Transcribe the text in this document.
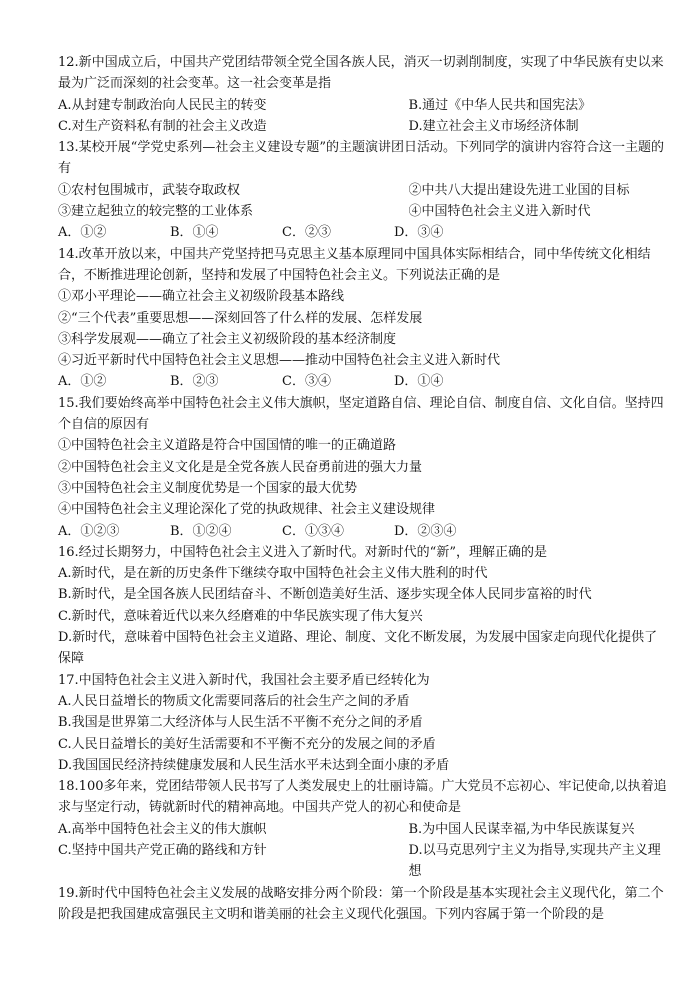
12.新中国成立后，中国共产党团结带领全党全国各族人民，消灭一切剥削制度，实现了中华民族有史以来最为广泛而深刻的社会变革。这一社会变革是指
A.从封建专制政治向人民民主的转变	B.通过《中华人民共和国宪法》
C.对生产资料私有制的社会主义改造	D.建立社会主义市场经济体制
13.某校开展“学党史系列—社会主义建设专题”的主题演讲团日活动。下列同学的演讲内容符合这一主题的有
①农村包围城市，武装夺取政权	②中共八大提出建设先进工业国的目标
③建立起独立的较完整的工业体系	④中国特色社会主义进入新时代
A．①②	B．①④	C．②③	D．③④
14.改革开放以来，中国共产党坚持把马克思主义基本原理同中国具体实际相结合，同中华传统文化相结合，不断推进理论创新，坚持和发展了中国特色社会主义。下列说法正确的是
①邓小平理论——确立社会主义初级阶段基本路线
②“三个代表”重要思想——深刻回答了什么样的发展、怎样发展
③科学发展观——确立了社会主义初级阶段的基本经济制度
④习近平新时代中国特色社会主义思想——推动中国特色社会主义进入新时代
A．①②	B．②③	C．③④	D．①④
15.我们要始终高举中国特色社会主义伟大旗帜，坚定道路自信、理论自信、制度自信、文化自信。坚持四个自信的原因有
①中国特色社会主义道路是符合中国国情的唯一的正确道路
②中国特色社会主义文化是是全党各族人民奋勇前进的强大力量
③中国特色社会主义制度优势是一个国家的最大优势
④中国特色社会主义理论深化了党的执政规律、社会主义建设规律
A．①②③	B．①②④	C．①③④	D．②③④
16.经过长期努力，中国特色社会主义进入了新时代。对新时代的“新”，理解正确的是
A.新时代，是在新的历史条件下继续夺取中国特色社会主义伟大胜利的时代
B.新时代，是全国各族人民团结奋斗、不断创造美好生活、逐步实现全体人民同步富裕的时代
C.新时代，意味着近代以来久经磨难的中华民族实现了伟大复兴
D.新时代，意味着中国特色社会主义道路、理论、制度、文化不断发展，为发展中国家走向现代化提供了保障
17.中国特色社会主义进入新时代，我国社会主要矛盾已经转化为
A.人民日益增长的物质文化需要同落后的社会生产之间的矛盾
B.我国是世界第二大经济体与人民生活不平衡不充分之间的矛盾
C.人民日益增长的美好生活需要和不平衡不充分的发展之间的矛盾
D.我国国民经济持续健康发展和人民生活水平未达到全面小康的矛盾
18.100多年来，党团结带领人民书写了人类发展史上的壮丽诗篇。广大党员不忘初心、牢记使命,以执着追求与坚定行动，铸就新时代的精神高地。中国共产党人的初心和使命是
A.高举中国特色社会主义的伟大旗帜	B.为中国人民谋幸福,为中华民族谋复兴
C.坚持中国共产党正确的路线和方针	D.以马克思列宁主义为指导,实现共产主义理想
19.新时代中国特色社会主义发展的战略安排分两个阶段：第一个阶段是基本实现社会主义现代化，第二个阶段是把我国建成富强民主文明和谐美丽的社会主义现代化强国。下列内容属于第一个阶段的是
